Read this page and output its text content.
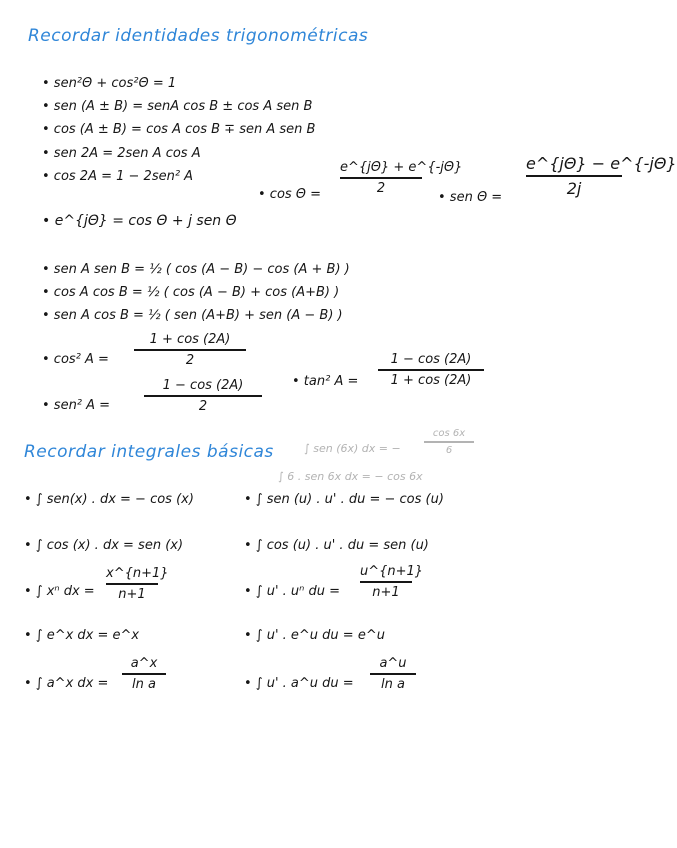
Recordar identidades trigonométricas
• sen²Θ + cos²Θ = 1
• sen (A ± B) = senA cos B ± cos A sen B
• cos (A ± B) = cos A cos B ∓ sen A sen B
• sen 2A = 2sen A cos A
• cos 2A = 1 − 2sen² A
• cos Θ =
e^{jΘ} + e^{-jΘ}
2
• sen Θ =
e^{jΘ} − e^{-jΘ}
2j
• e^{jΘ} = cos Θ + j sen Θ
• sen A sen B = ½ ( cos (A − B) − cos (A + B) )
• cos A cos B = ½ ( cos (A − B) + cos (A+B) )
• sen A cos B = ½ ( sen (A+B) + sen (A − B) )
• cos² A =
1 + cos (2A)
2
• tan² A =
1 − cos (2A)
1 + cos (2A)
• sen² A =
1 − cos (2A)
2
Recordar integrales básicas	∫ sen (6x) dx = −
cos 6x
6
∫ 6 . sen 6x dx = − cos 6x
• ∫ sen(x) . dx = − cos (x)
• ∫ cos (x) . dx = sen (x)
• ∫ xⁿ dx =
x^{n+1}
n+1
• ∫ e^x dx = e^x
• ∫ a^x dx =
a^x
ln a
• ∫ sen (u) . u' . du = − cos (u)
• ∫ cos (u) . u' . du = sen (u)
• ∫ u' . uⁿ du =
u^{n+1}
n+1
• ∫ u' . e^u du = e^u
• ∫ u' . a^u du =
a^u
ln a
